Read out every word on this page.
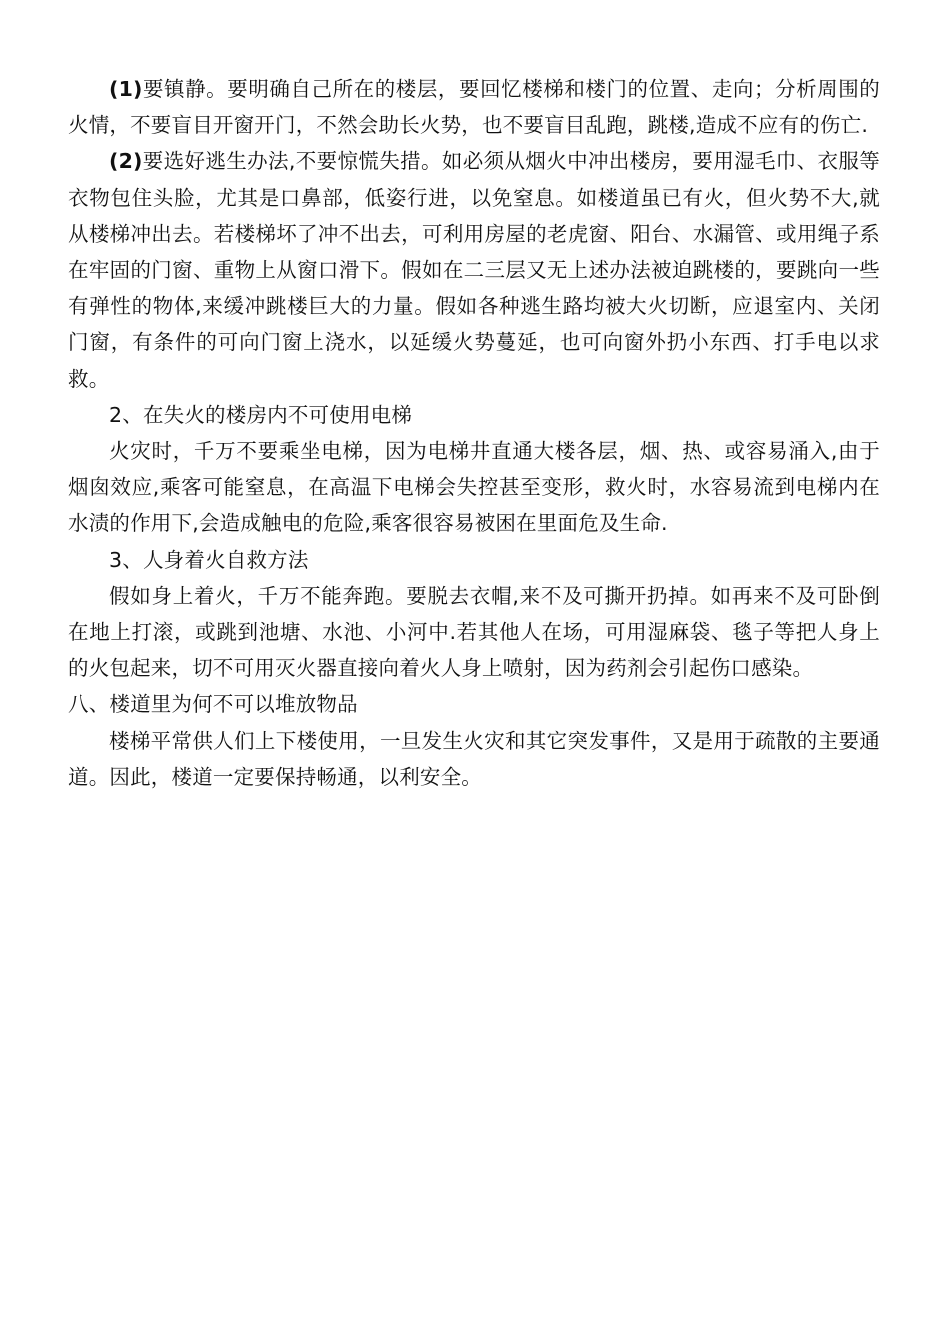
(1)要镇静。要明确自己所在的楼层，要回忆楼梯和楼门的位置、走向；分析周围的火情，不要盲目开窗开门，不然会助长火势，也不要盲目乱跑，跳楼,造成不应有的伤亡.

(2)要选好逃生办法,不要惊慌失措。如必须从烟火中冲出楼房，要用湿毛巾、衣服等衣物包住头脸，尤其是口鼻部，低姿行进，以免窒息。如楼道虽已有火，但火势不大,就从楼梯冲出去。若楼梯坏了冲不出去，可利用房屋的老虎窗、阳台、水漏管、或用绳子系在牢固的门窗、重物上从窗口滑下。假如在二三层又无上述办法被迫跳楼的，要跳向一些有弹性的物体,来缓冲跳楼巨大的力量。假如各种逃生路均被大火切断，应退室内、关闭门窗，有条件的可向门窗上浇水，以延缓火势蔓延，也可向窗外扔小东西、打手电以求救。

2、在失火的楼房内不可使用电梯

火灾时，千万不要乘坐电梯，因为电梯井直通大楼各层，烟、热、或容易涌入,由于烟囱效应,乘客可能窒息，在高温下电梯会失控甚至变形，救火时，水容易流到电梯内在水渍的作用下,会造成触电的危险,乘客很容易被困在里面危及生命.

3、人身着火自救方法

假如身上着火，千万不能奔跑。要脱去衣帽,来不及可撕开扔掉。如再来不及可卧倒在地上打滚，或跳到池塘、水池、小河中.若其他人在场，可用湿麻袋、毯子等把人身上的火包起来，切不可用灭火器直接向着火人身上喷射，因为药剂会引起伤口感染。

八、楼道里为何不可以堆放物品

楼梯平常供人们上下楼使用，一旦发生火灾和其它突发事件，又是用于疏散的主要通道。因此，楼道一定要保持畅通，以利安全。
